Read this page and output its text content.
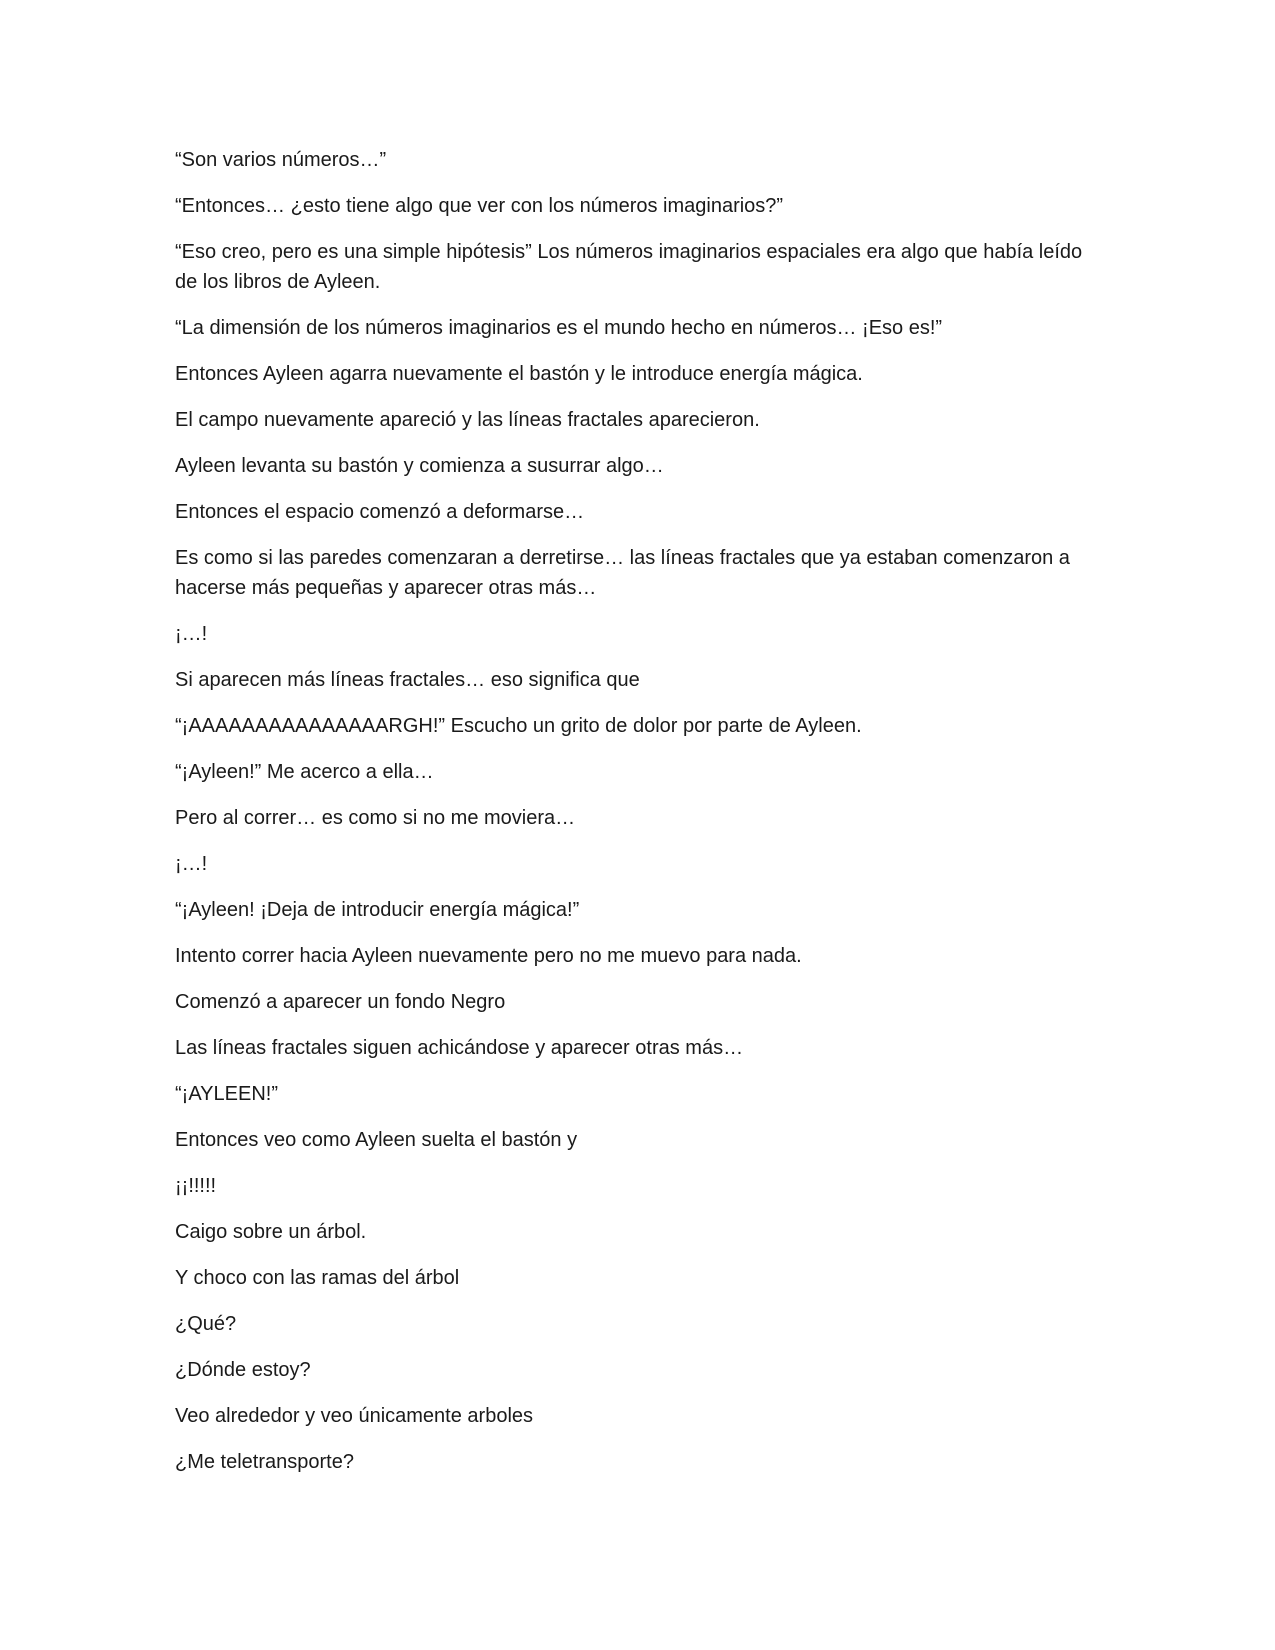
“Son varios números…”

“Entonces… ¿esto tiene algo que ver con los números imaginarios?”

“Eso creo, pero es una simple hipótesis” Los números imaginarios espaciales era algo que había leído de los libros de Ayleen.

“La dimensión de los números imaginarios es el mundo hecho en números… ¡Eso es!”

Entonces Ayleen agarra nuevamente el bastón y le introduce energía mágica.

El campo nuevamente apareció y las líneas fractales aparecieron.

Ayleen levanta su bastón y comienza a susurrar algo…

Entonces el espacio comenzó a deformarse…

Es como si las paredes comenzaran a derretirse… las líneas fractales que ya estaban comenzaron a hacerse más pequeñas y aparecer otras más…

¡…!

Si aparecen más líneas fractales… eso significa que

“¡AAAAAAAAAAAAAAARGH!” Escucho un grito de dolor por parte de Ayleen.

“¡Ayleen!” Me acerco a ella…

Pero al correr… es como si no me moviera…

¡…!

“¡Ayleen! ¡Deja de introducir energía mágica!”

Intento correr hacia Ayleen nuevamente pero no me muevo para nada.

Comenzó a aparecer un fondo Negro

Las líneas fractales siguen achicándose y aparecer otras más…

“¡AYLEEN!”

Entonces veo como Ayleen suelta el bastón y

¡¡!!!!!

Caigo sobre un árbol.

Y choco con las ramas del árbol

¿Qué?

¿Dónde estoy?

Veo alrededor y veo únicamente arboles

¿Me teletransporte?
